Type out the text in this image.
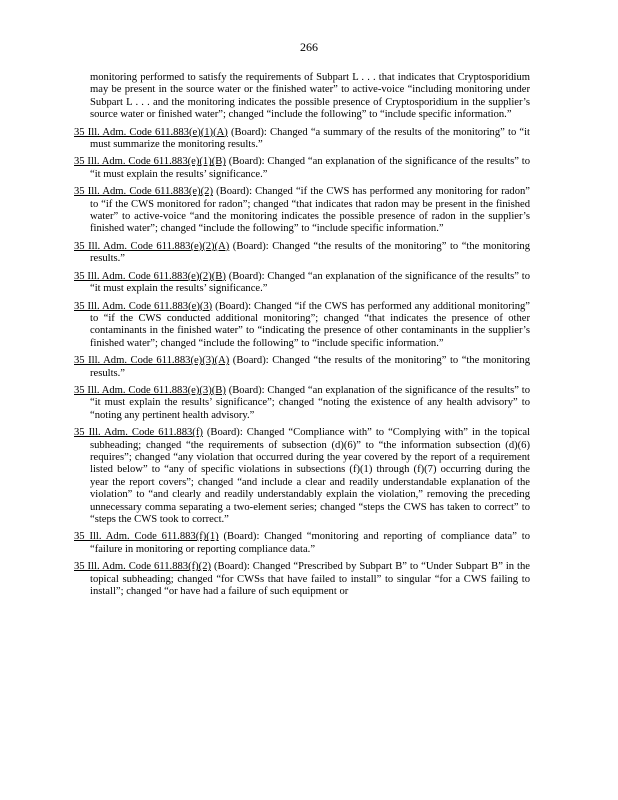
266

monitoring performed to satisfy the requirements of Subpart L . . . that indicates that Cryptosporidium may be present in the source water or the finished water” to active-voice “including monitoring under Subpart L . . . and the monitoring indicates the possible presence of Cryptosporidium in the supplier’s source water or finished water”; changed “include the following” to “include specific information.”

35 Ill. Adm. Code 611.883(e)(1)(A) (Board): Changed “a summary of the results of the monitoring” to “it must summarize the monitoring results.”

35 Ill. Adm. Code 611.883(e)(1)(B) (Board): Changed “an explanation of the significance of the results” to “it must explain the results’ significance.”

35 Ill. Adm. Code 611.883(e)(2) (Board): Changed “if the CWS has performed any monitoring for radon” to “if the CWS monitored for radon”; changed “that indicates that radon may be present in the finished water” to active-voice “and the monitoring indicates the possible presence of radon in the supplier’s finished water”; changed “include the following” to “include specific information.”

35 Ill. Adm. Code 611.883(e)(2)(A) (Board): Changed “the results of the monitoring” to “the monitoring results.”

35 Ill. Adm. Code 611.883(e)(2)(B) (Board): Changed “an explanation of the significance of the results” to “it must explain the results’ significance.”

35 Ill. Adm. Code 611.883(e)(3) (Board): Changed “if the CWS has performed any additional monitoring” to “if the CWS conducted additional monitoring”; changed “that indicates the presence of other contaminants in the finished water” to “indicating the presence of other contaminants in the supplier’s finished water”; changed “include the following” to “include specific information.”

35 Ill. Adm. Code 611.883(e)(3)(A) (Board): Changed “the results of the monitoring” to “the monitoring results.”

35 Ill. Adm. Code 611.883(e)(3)(B) (Board): Changed “an explanation of the significance of the results” to “it must explain the results’ significance”; changed “noting the existence of any health advisory” to “noting any pertinent health advisory.”

35 Ill. Adm. Code 611.883(f) (Board): Changed “Compliance with” to “Complying with” in the topical subheading; changed “the requirements of subsection (d)(6)” to “the information subsection (d)(6) requires”; changed “any violation that occurred during the year covered by the report of a requirement listed below” to “any of specific violations in subsections (f)(1) through (f)(7) occurring during the year the report covers”; changed “and include a clear and readily understandable explanation of the violation” to “and clearly and readily understandably explain the violation,” removing the preceding unnecessary comma separating a two-element series; changed “steps the CWS has taken to correct” to “steps the CWS took to correct.”

35 Ill. Adm. Code 611.883(f)(1) (Board): Changed “monitoring and reporting of compliance data” to “failure in monitoring or reporting compliance data.”

35 Ill. Adm. Code 611.883(f)(2) (Board): Changed “Prescribed by Subpart B” to “Under Subpart B” in the topical subheading; changed “for CWSs that have failed to install” to singular “for a CWS failing to install”; changed “or have had a failure of such equipment or
